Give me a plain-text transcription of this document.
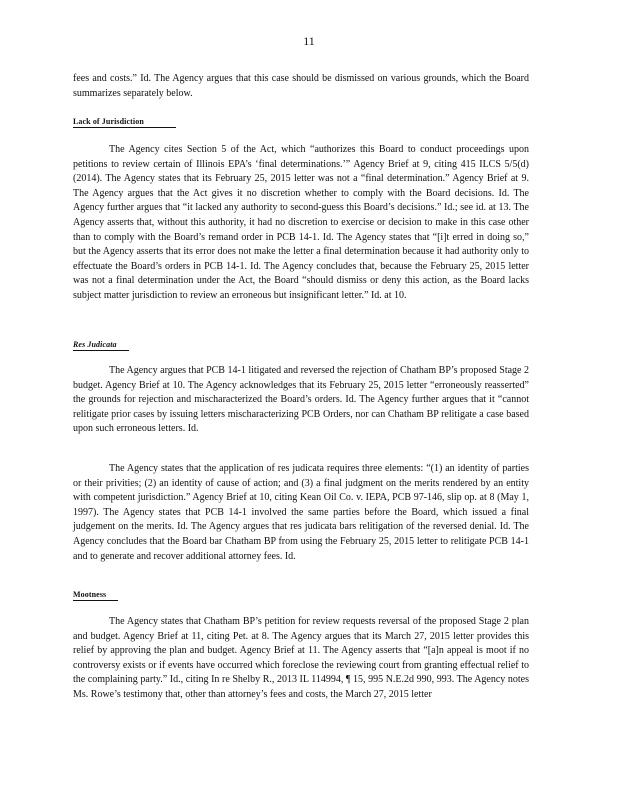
11

fees and costs.” Id. The Agency argues that this case should be dismissed on various grounds, which the Board summarizes separately below.

Lack of Jurisdiction

The Agency cites Section 5 of the Act, which “authorizes this Board to conduct proceedings upon petitions to review certain of Illinois EPA’s ‘final determinations.’” Agency Brief at 9, citing 415 ILCS 5/5(d) (2014). The Agency states that its February 25, 2015 letter was not a “final determination.” Agency Brief at 9. The Agency argues that the Act gives it no discretion whether to comply with the Board decisions. Id. The Agency further argues that “it lacked any authority to second-guess this Board’s decisions.” Id.; see id. at 13. The Agency asserts that, without this authority, it had no discretion to exercise or decision to make in this case other than to comply with the Board’s remand order in PCB 14-1. Id. The Agency states that “[i]t erred in doing so,” but the Agency asserts that its error does not make the letter a final determination because it had authority only to effectuate the Board’s orders in PCB 14-1. Id. The Agency concludes that, because the February 25, 2015 letter was not a final determination under the Act, the Board “should dismiss or deny this action, as the Board lacks subject matter jurisdiction to review an erroneous but insignificant letter.” Id. at 10.

Res Judicata

The Agency argues that PCB 14-1 litigated and reversed the rejection of Chatham BP’s proposed Stage 2 budget. Agency Brief at 10. The Agency acknowledges that its February 25, 2015 letter “erroneously reasserted” the grounds for rejection and mischaracterized the Board’s orders. Id. The Agency further argues that it “cannot relitigate prior cases by issuing letters mischaracterizing PCB Orders, nor can Chatham BP relitigate a case based upon such erroneous letters. Id.

The Agency states that the application of res judicata requires three elements: “(1) an identity of parties or their privities; (2) an identity of cause of action; and (3) a final judgment on the merits rendered by an entity with competent jurisdiction.” Agency Brief at 10, citing Kean Oil Co. v. IEPA, PCB 97-146, slip op. at 8 (May 1, 1997). The Agency states that PCB 14-1 involved the same parties before the Board, which issued a final judgement on the merits. Id. The Agency argues that res judicata bars relitigation of the reversed denial. Id. The Agency concludes that the Board bar Chatham BP from using the February 25, 2015 letter to relitigate PCB 14-1 and to generate and recover additional attorney fees. Id.

Mootness

The Agency states that Chatham BP’s petition for review requests reversal of the proposed Stage 2 plan and budget. Agency Brief at 11, citing Pet. at 8. The Agency argues that its March 27, 2015 letter provides this relief by approving the plan and budget. Agency Brief at 11. The Agency asserts that “[a]n appeal is moot if no controversy exists or if events have occurred which foreclose the reviewing court from granting effectual relief to the complaining party.” Id., citing In re Shelby R., 2013 IL 114994, ¶ 15, 995 N.E.2d 990, 993. The Agency notes Ms. Rowe’s testimony that, other than attorney’s fees and costs, the March 27, 2015 letter
